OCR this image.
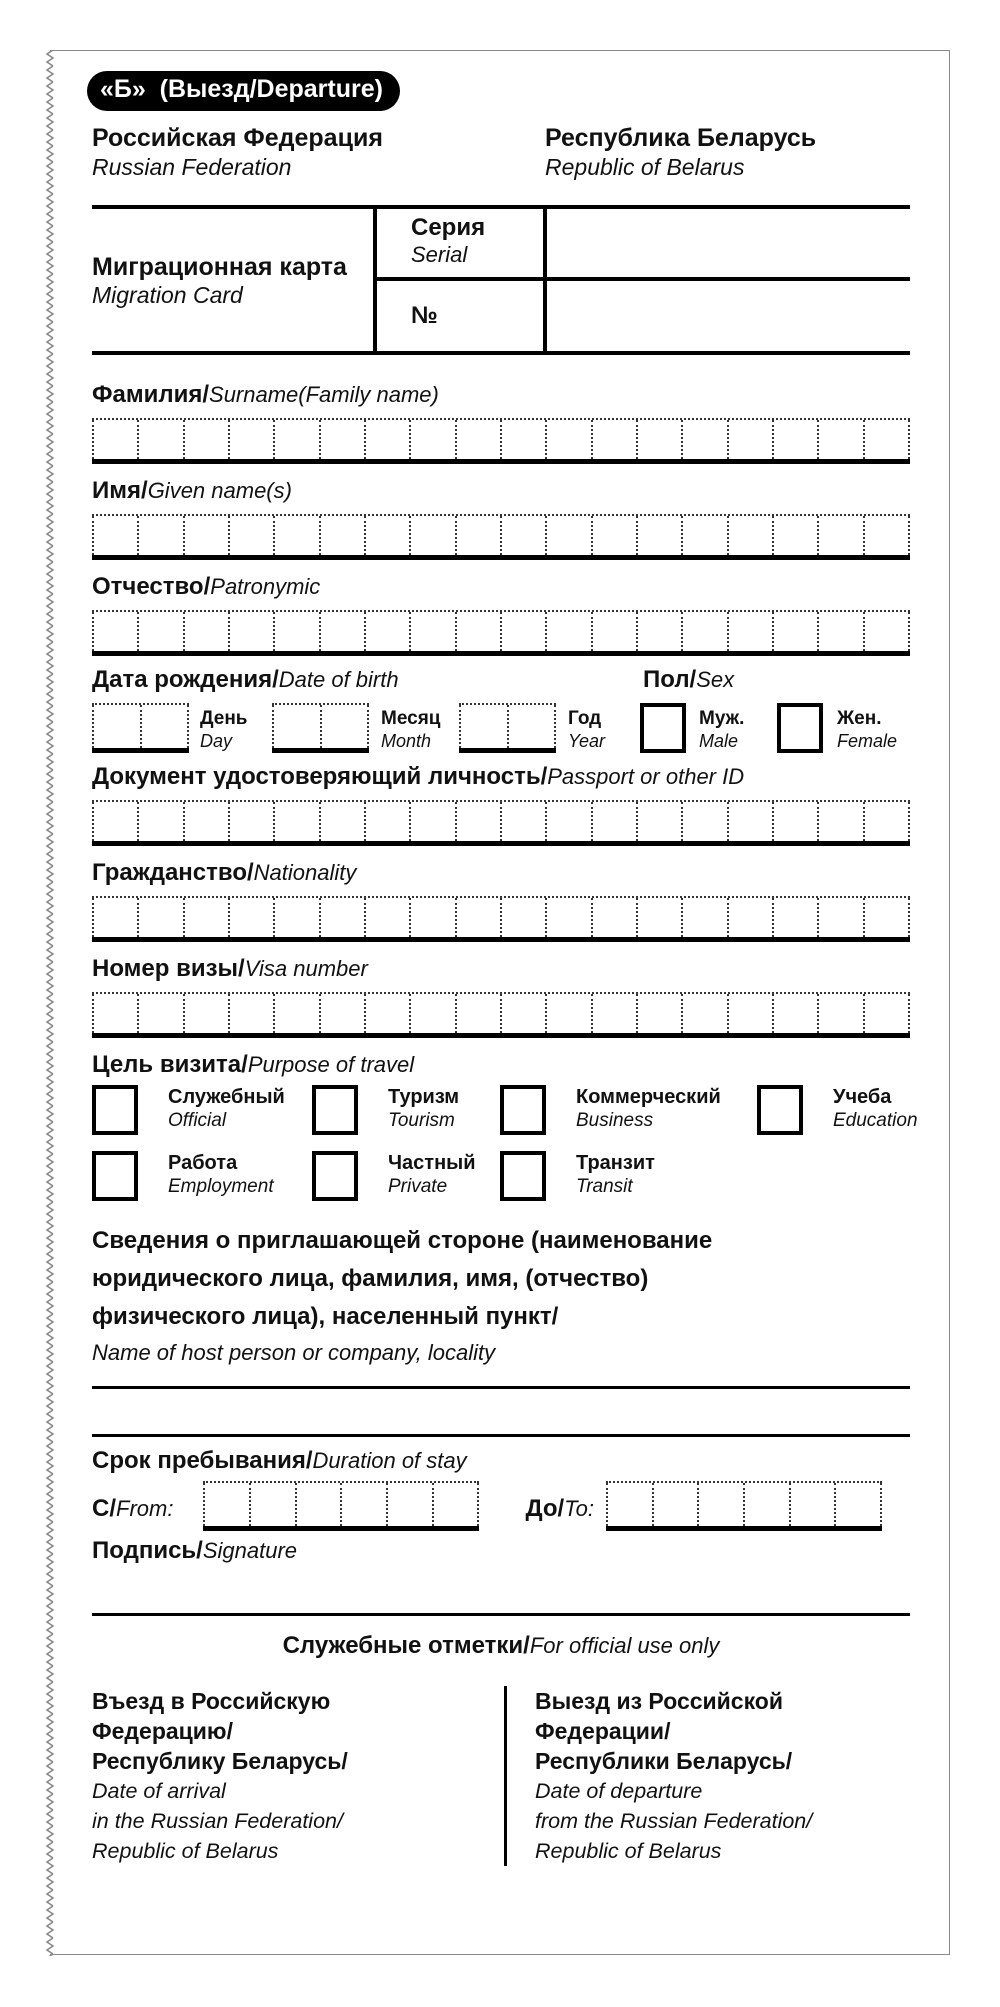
«Б»  (Выезд/Departure)
Российская Федерация
Russian Federation
Республика Беларусь
Republic of Belarus
Миграционная карта
Migration Card
Серия
Serial
№
Фамилия/Surname(Family name)
Имя/Given name(s)
Отчество/Patronymic
Дата рождения/Date of birth	Пол/Sex
День
Day
Месяц
Month
Год
Year
Муж.
Male
Жен.
Female
Документ удостоверяющий личность/Passport or other ID
Гражданство/Nationality
Номер визы/Visa number
Цель визита/Purpose of travel
Служебный
Official
Туризм
Tourism
Коммерческий
Business
Учеба
Education
Работа
Employment
Частный
Private
Транзит
Transit
Сведения о приглашающей стороне (наименование
юридического лица, фамилия, имя, (отчество)
физического лица), населенный пункт/
Name of host person or company, locality
Срок пребывания/Duration of stay
С/From:	До/To:
Подпись/Signature
Служебные отметки/For official use only
Въезд в Российскую
Федерацию/
Республику Беларусь/
Date of arrival
in the Russian Federation/
Republic of Belarus
Выезд из Российской
Федерации/
Республики Беларусь/
Date of departure
from the Russian Federation/
Republic of Belarus
